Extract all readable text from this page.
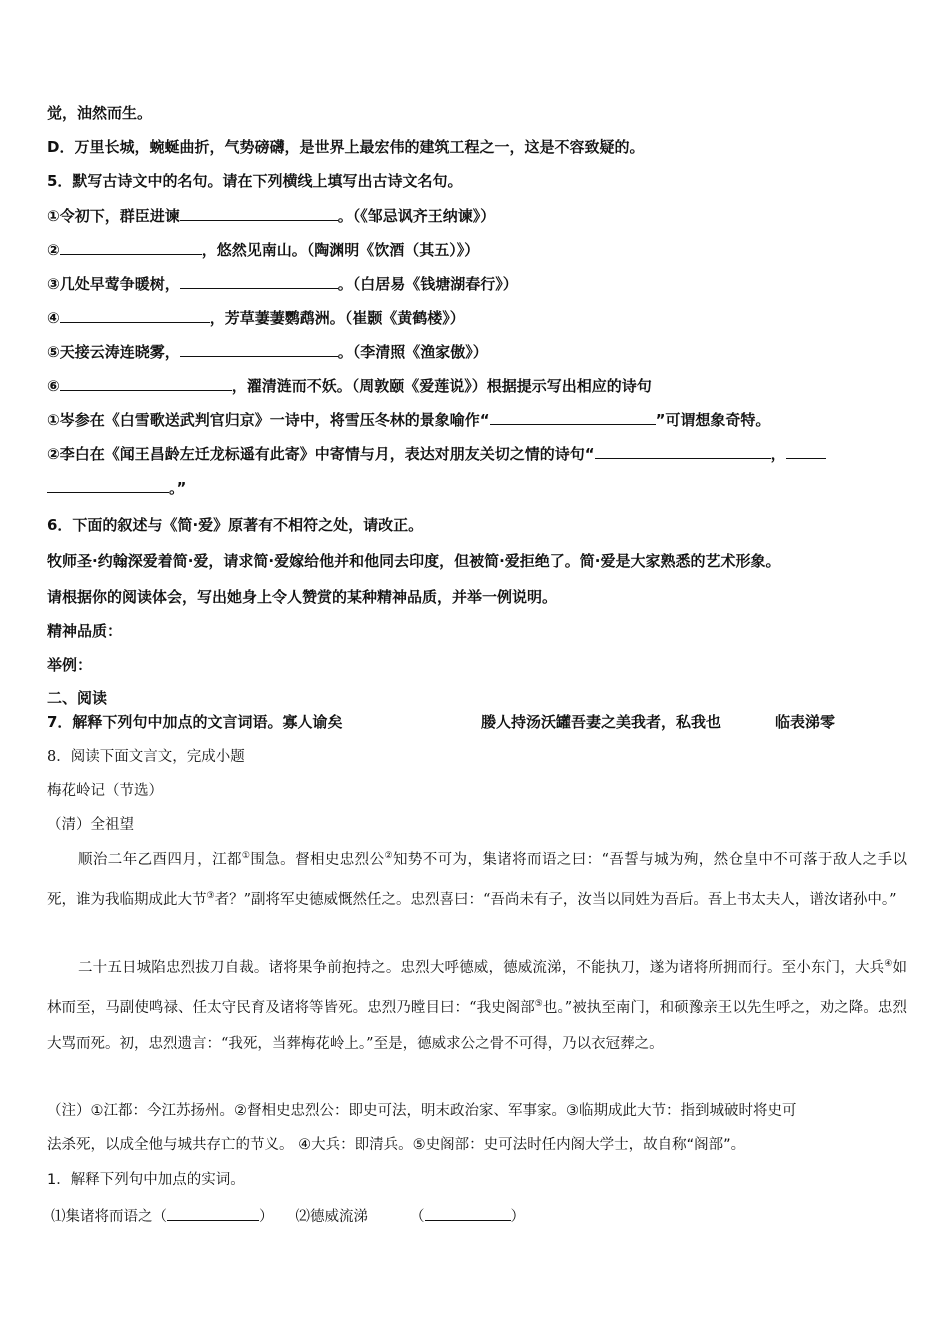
觉，油然而生。
D．万里长城，蜿蜒曲折，气势磅礴，是世界上最宏伟的建筑工程之一，这是不容致疑的。
5．默写古诗文中的名句。请在下列横线上填写出古诗文名句。
①令初下，群臣进谏	。（《邹忌讽齐王纳谏》）
②	，悠然见南山。（陶渊明《饮酒（其五）》）
③几处早莺争暖树，	。（白居易《钱塘湖春行》）
④	，芳草萋萋鹦鹉洲。（崔颢《黄鹤楼》）
⑤天接云涛连晓雾，	。（李清照《渔家傲》）
⑥	，濯清涟而不妖。（周敦颐《爱莲说》）根据提示写出相应的诗句
①岑参在《白雪歌送武判官归京》一诗中，将雪压冬林的景象喻作“	”可谓想象奇特。
②李白在《闻王昌龄左迁龙标遥有此寄》中寄情与月，表达对朋友关切之情的诗句“	，
。”
6．下面的叙述与《简·爱》原著有不相符之处，请改正。
牧师圣·约翰深爱着简·爱，请求简·爱嫁给他并和他同去印度，但被简·爱拒绝了。简·爱是大家熟悉的艺术形象。
请根据你的阅读体会，写出她身上令人赞赏的某种精神品质，并举一例说明。
精神品质：
举例：
二、阅读
7．解释下列句中加点的文言词语。寡人谕矣	媵人持汤沃罐吾妻之美我者，私我也	临表涕零
8．阅读下面文言文，完成小题
梅花岭记（节选）
（清）全祖望
顺治二年乙酉四月，江都①围急。督相史忠烈公②知势不可为，集诸将而语之曰：“吾誓与城为殉，然仓皇中不可落于敌人之手以死，谁为我临期成此大节③者？”副将军史德威慨然任之。忠烈喜曰：“吾尚未有子，汝当以同姓为吾后。吾上书太夫人，谱汝诸孙中。”
二十五日城陷忠烈拔刀自裁。诸将果争前抱持之。忠烈大呼德威，德威流涕，不能执刀，遂为诸将所拥而行。至小东门，大兵④如林而至，马副使鸣禄、任太守民育及诸将等皆死。忠烈乃瞠目曰：“我史阁部⑤也。”被执至南门，和硕豫亲王以先生呼之，劝之降。忠烈大骂而死。初，忠烈遗言：“我死，当葬梅花岭上。”至是，德威求公之骨不可得，乃以衣冠葬之。
（注）①江都：今江苏扬州。②督相史忠烈公：即史可法，明末政治家、军事家。③临期成此大节：指到城破时将史可
法杀死，以成全他与城共存亡的节义。 ④大兵：即清兵。⑤史阁部：史可法时任内阁大学士，故自称“阁部”。
1．解释下列句中加点的实词。
⑴集诸将而语之（	） ⑵德威流涕	（	）
